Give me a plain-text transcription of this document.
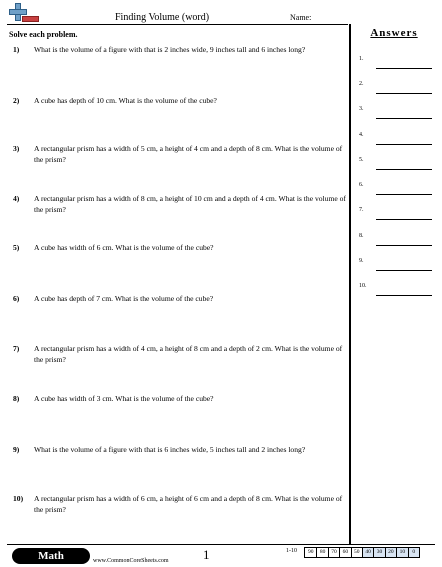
Finding Volume (word)	Name:
Solve each problem.
1) What is the volume of a figure with that is 2 inches wide, 9 inches tall and 6 inches long?
2) A cube has depth of 10 cm. What is the volume of the cube?
3) A rectangular prism has a width of 5 cm, a height of 4 cm and a depth of 8 cm. What is the volume of the prism?
4) A rectangular prism has a width of 8 cm, a height of 10 cm and a depth of 4 cm. What is the volume of the prism?
5) A cube has width of 6 cm. What is the volume of the cube?
6) A cube has depth of 7 cm. What is the volume of the cube?
7) A rectangular prism has a width of 4 cm, a height of 8 cm and a depth of 2 cm. What is the volume of the prism?
8) A cube has width of 3 cm. What is the volume of the cube?
9) What is the volume of a figure with that is 6 inches wide, 5 inches tall and 2 inches long?
10) A rectangular prism has a width of 6 cm, a height of 6 cm and a depth of 8 cm. What is the volume of the prism?
Answers
1.
2.
3.
4.
5.
6.
7.
8.
9.
10.
Math	www.CommonCoreSheets.com	1	1-10	90	80	70	60	50	40	30	20	10	0
